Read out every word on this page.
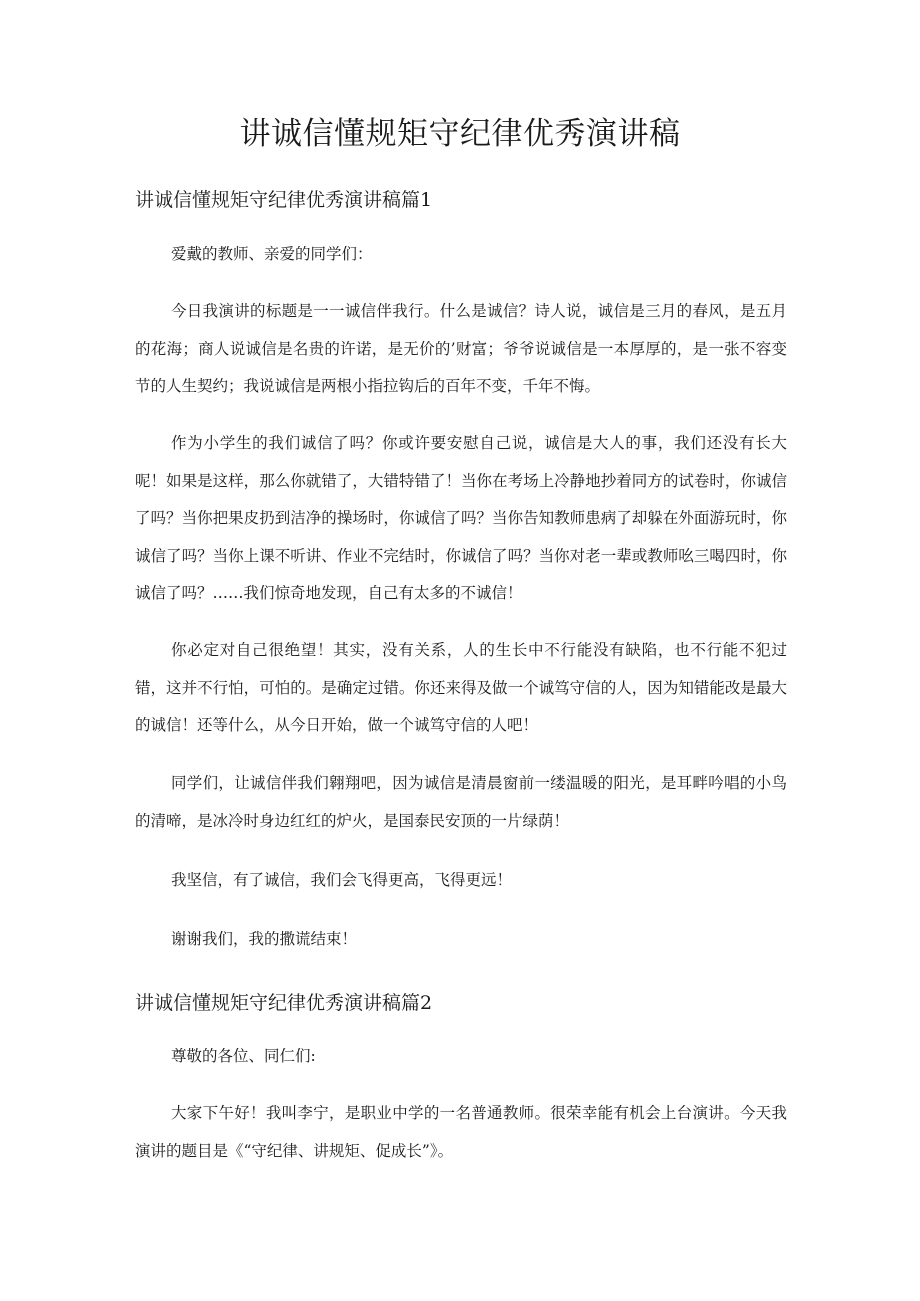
讲诚信懂规矩守纪律优秀演讲稿
讲诚信懂规矩守纪律优秀演讲稿篇1

爱戴的教师、亲爱的同学们：

今日我演讲的标题是一一诚信伴我行。什么是诚信？诗人说，诚信是三月的春风，是五月的花海；商人说诚信是名贵的许诺，是无价的’财富；爷爷说诚信是一本厚厚的，是一张不容变节的人生契约；我说诚信是两根小指拉钩后的百年不变，千年不悔。

作为小学生的我们诚信了吗？你或许要安慰自己说，诚信是大人的事，我们还没有长大呢！如果是这样，那么你就错了，大错特错了！当你在考场上冷静地抄着同方的试卷时，你诚信了吗？当你把果皮扔到洁净的操场时，你诚信了吗？当你告知教师患病了却躲在外面游玩时，你诚信了吗？当你上课不听讲、作业不完结时，你诚信了吗？当你对老一辈或教师吆三喝四时，你诚信了吗？……我们惊奇地发现，自己有太多的不诚信！

你必定对自己很绝望！其实，没有关系，人的生长中不行能没有缺陷，也不行能不犯过错，这并不行怕，可怕的。是确定过错。你还来得及做一个诚笃守信的人，因为知错能改是最大的诚信！还等什么，从今日开始，做一个诚笃守信的人吧！

同学们，让诚信伴我们翱翔吧，因为诚信是清晨窗前一缕温暖的阳光，是耳畔吟唱的小鸟的清啼，是冰冷时身边红红的炉火，是国泰民安顶的一片绿荫！

我坚信，有了诚信，我们会飞得更高，飞得更远！

谢谢我们，我的撒谎结束！

讲诚信懂规矩守纪律优秀演讲稿篇2

尊敬的各位、同仁们:

大家下午好！我叫李宁，是职业中学的一名普通教师。很荣幸能有机会上台演讲。今天我演讲的题目是《“守纪律、讲规矩、促成长”》。
